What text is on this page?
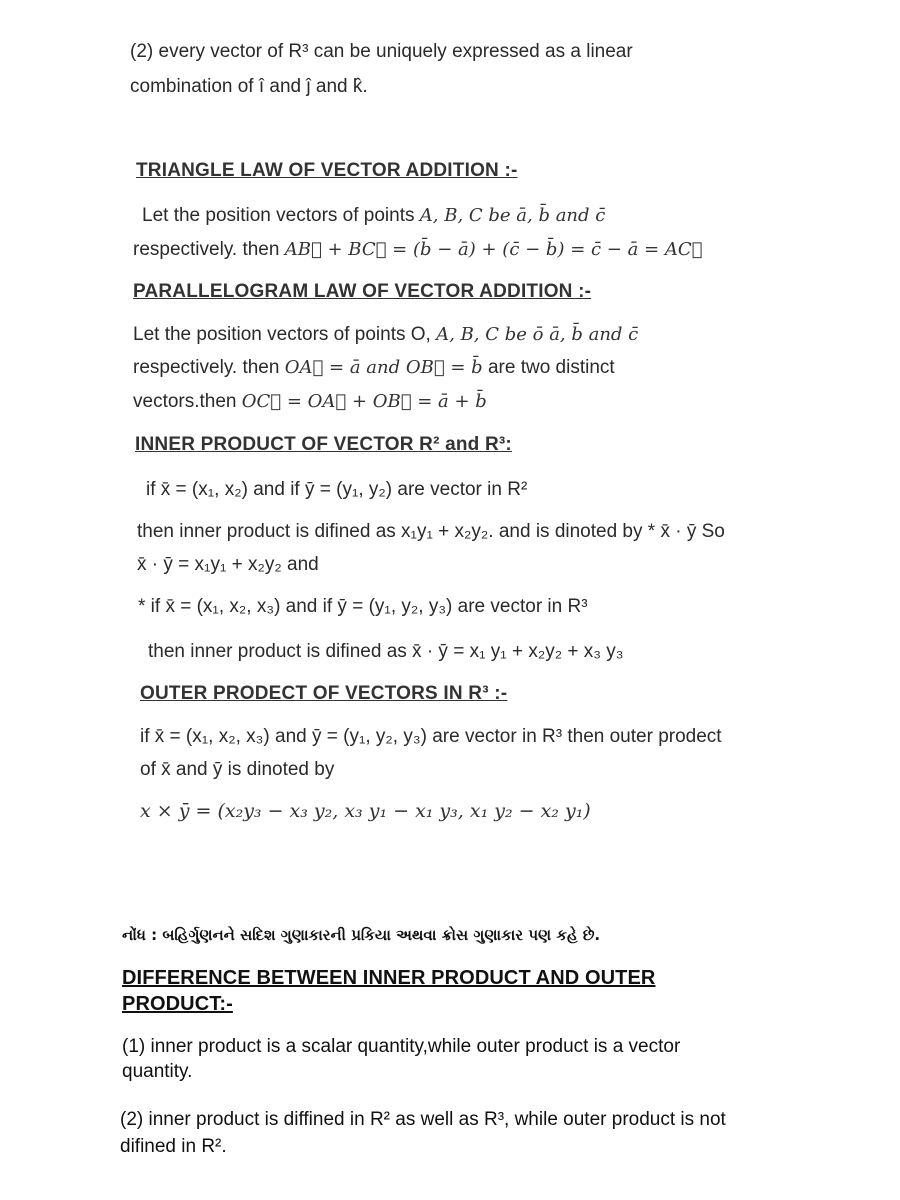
(2) every vector of R³ can be uniquely expressed as a linear
combination of î and ĵ and k̂.
TRIANGLE LAW OF VECTOR ADDITION :-
Let the position vectors of points A, B, C be ā, b̄ and c̄
respectively. then AB⃗ + BC⃗ = (b̄ − ā) + (c̄ − b̄) = c̄ − ā = AC⃗
PARALLELOGRAM LAW OF VECTOR ADDITION :-
Let the position vectors of points O, A, B, C be ō ā, b̄ and c̄
respectively. then OA⃗ = ā and OB⃗ = b̄ are two distinct
vectors.then OC⃗ = OA⃗ + OB⃗ = ā + b̄
INNER PRODUCT OF VECTOR R² and R³:
if x̄ = (x₁, x₂) and if ȳ = (y₁, y₂) are vector in R²
then inner product is difined as x₁y₁ + x₂y₂. and is dinoted by * x̄ · ȳ So
x̄ · ȳ = x₁y₁ + x₂y₂ and
* if x̄ = (x₁, x₂, x₃) and if ȳ = (y₁, y₂, y₃) are vector in R³
then inner product is difined as x̄ · ȳ = x₁ y₁ + x₂y₂ + x₃ y₃
OUTER PRODECT OF VECTORS IN R³ :-
if x̄ = (x₁, x₂, x₃) and ȳ = (y₁, y₂, y₃) are vector in R³ then outer prodect
of x̄ and ȳ is dinoted by
x × ȳ = (x₂y₃ − x₃ y₂, x₃ y₁ − x₁ y₃, x₁ y₂ − x₂ y₁)
નોંધ : બહિર્ગુણનને સદિશ ગુણાકારની પ્રકિયા અથવા ક્રોસ ગુણાકાર પણ કહે છે.
DIFFERENCE BETWEEN INNER PRODUCT AND OUTER
PRODUCT:-
(1) inner product is a scalar quantity,while outer product is a vector
quantity.
(2) inner product is diffined in R² as well as R³, while outer product is not
difined in R².
